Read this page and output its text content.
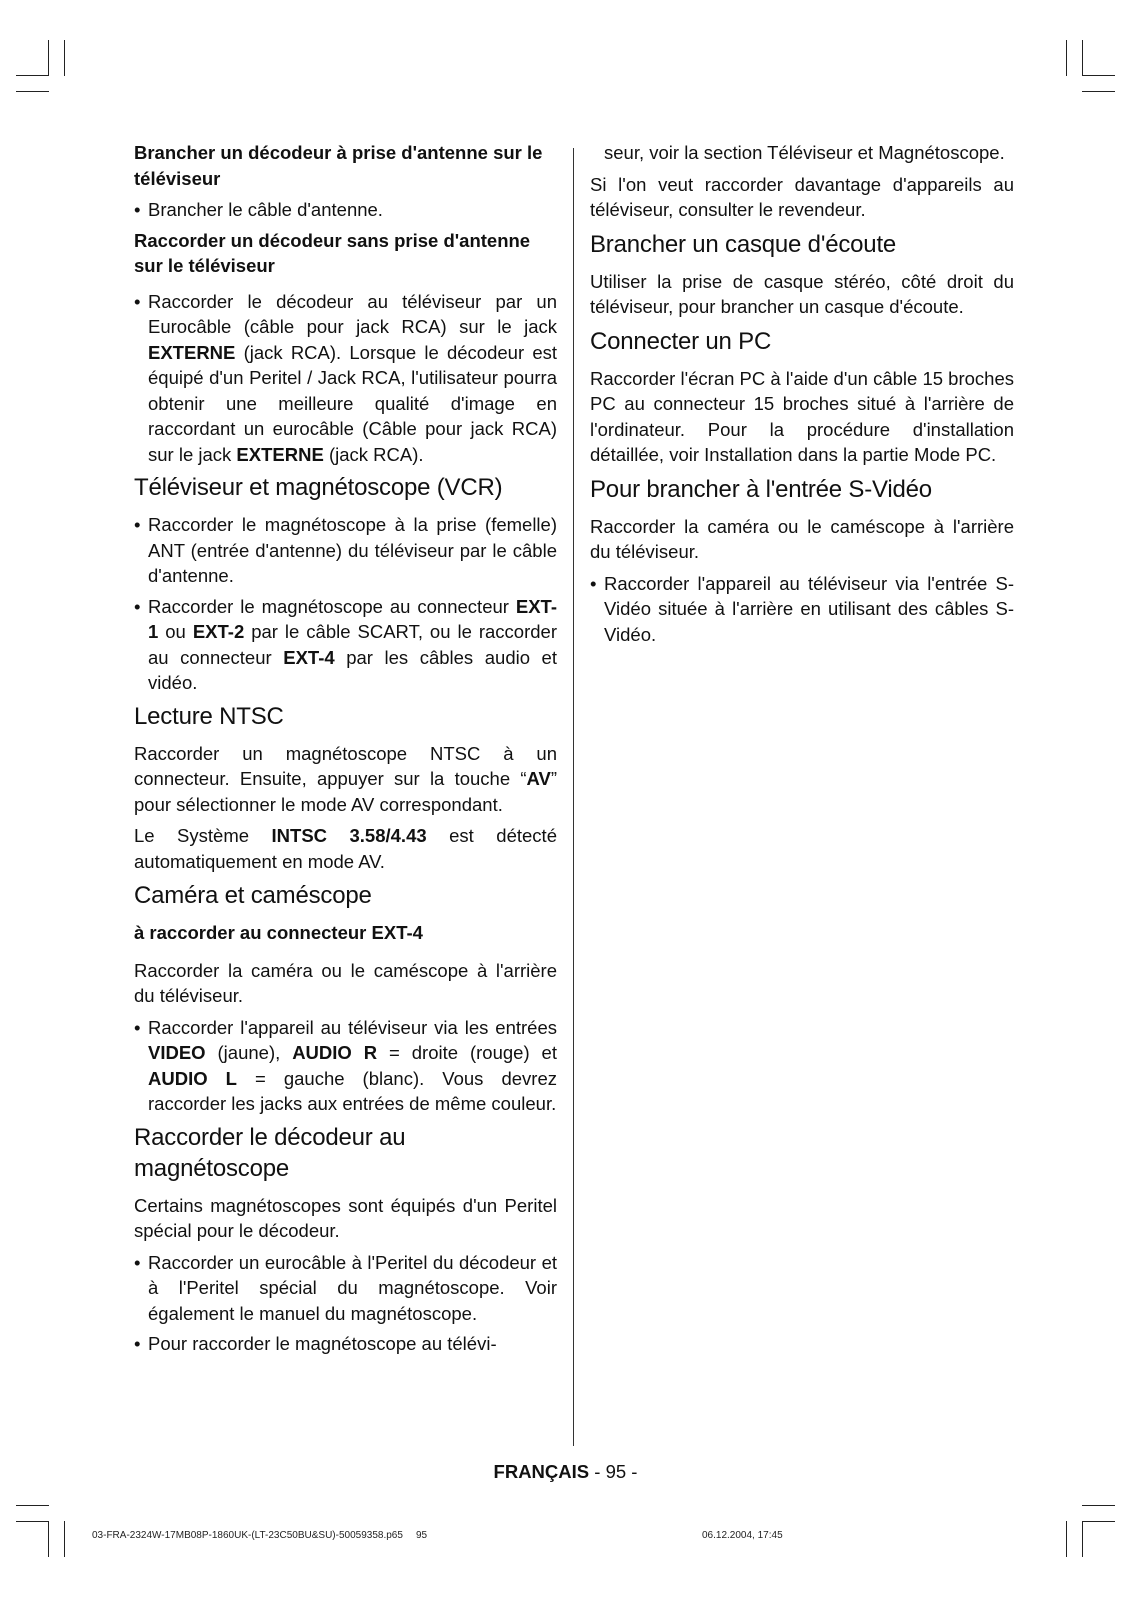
Brancher un décodeur à prise d'antenne sur le téléviseur
• Brancher le câble d'antenne.
Raccorder un décodeur sans prise d'antenne sur le téléviseur
• Raccorder le décodeur au téléviseur par un Eurocâble (câble pour jack RCA) sur le jack EXTERNE (jack RCA). Lorsque le décodeur est équipé d'un Peritel / Jack RCA, l'utilisateur pourra obtenir une meilleure qualité d'image en raccordant un eurocâble (Câble pour jack RCA) sur le jack EXTERNE (jack RCA).
Téléviseur et magnétoscope (VCR)
• Raccorder le magnétoscope à la prise (femelle) ANT (entrée d'antenne) du téléviseur par le câble d'antenne.
• Raccorder le magnétoscope au connecteur EXT-1 ou EXT-2 par le câble SCART, ou le raccorder au connecteur EXT-4 par les câbles audio et vidéo.
Lecture NTSC
Raccorder un magnétoscope NTSC à un connecteur. Ensuite, appuyer sur la touche “AV” pour sélectionner le mode AV correspondant.
Le Système INTSC 3.58/4.43 est détecté automatiquement en mode AV.
Caméra et caméscope
à raccorder au connecteur EXT-4
Raccorder la caméra ou le caméscope à l'arrière du téléviseur.
• Raccorder l'appareil au téléviseur via les entrées VIDEO (jaune), AUDIO R = droite (rouge) et AUDIO L = gauche (blanc). Vous devrez raccorder les jacks aux entrées de même couleur.
Raccorder le décodeur au magnétoscope
Certains magnétoscopes sont équipés d'un Peritel spécial pour le décodeur.
• Raccorder un eurocâble à l'Peritel du décodeur et à l'Peritel spécial du magnétoscope. Voir également le manuel du magnétoscope.
• Pour raccorder le magnétoscope au télévi-
seur, voir la section Téléviseur et Magnétoscope.
Si l'on veut raccorder davantage d'appareils au téléviseur, consulter le revendeur.
Brancher un casque d'écoute
Utiliser la prise de casque stéréo, côté droit du téléviseur, pour brancher un casque d'écoute.
Connecter un PC
Raccorder l'écran PC à l'aide d'un câble 15 broches PC au connecteur 15 broches situé à l'arrière de l'ordinateur. Pour la procédure d'installation détaillée, voir Installation dans la partie Mode PC.
Pour brancher à l'entrée S-Vidéo
Raccorder la caméra ou le caméscope à l'arrière du téléviseur.
• Raccorder l'appareil au téléviseur via l'entrée S-Vidéo située à l'arrière en utilisant des câbles S-Vidéo.
FRANÇAIS - 95 -
03-FRA-2324W-17MB08P-1860UK-(LT-23C50BU&SU)-50059358.p65 95	06.12.2004, 17:45
